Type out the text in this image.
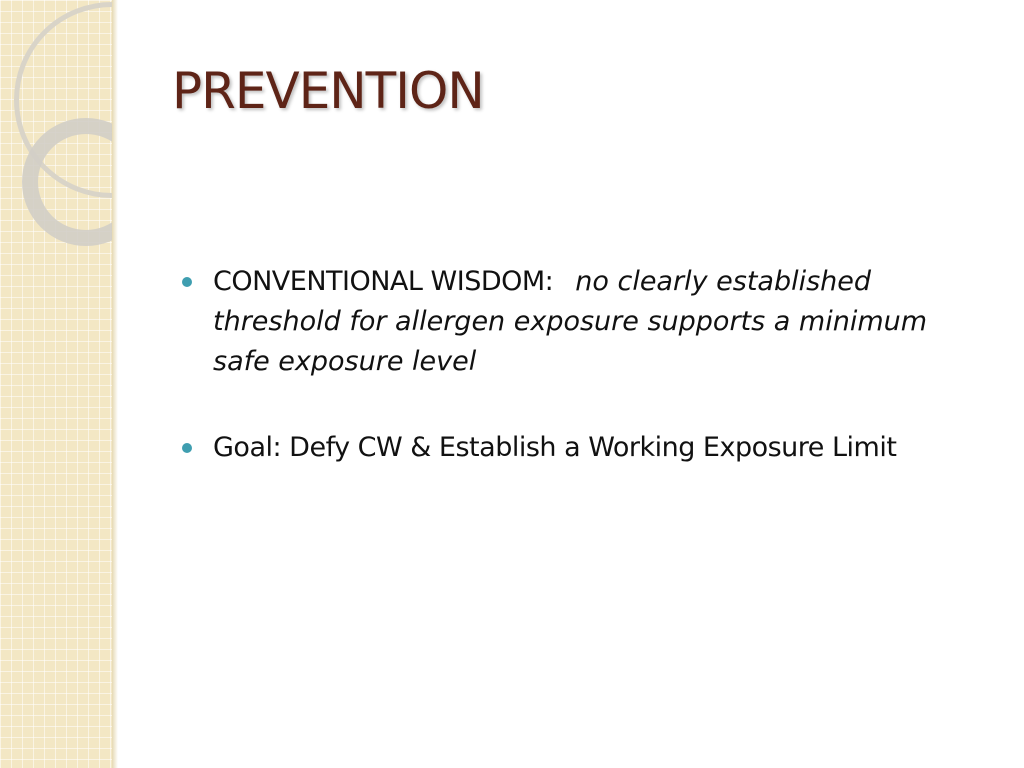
PREVENTION
CONVENTIONAL WISDOM: no clearly established threshold for allergen exposure supports a minimum safe exposure level
Goal: Defy CW & Establish a Working Exposure Limit
